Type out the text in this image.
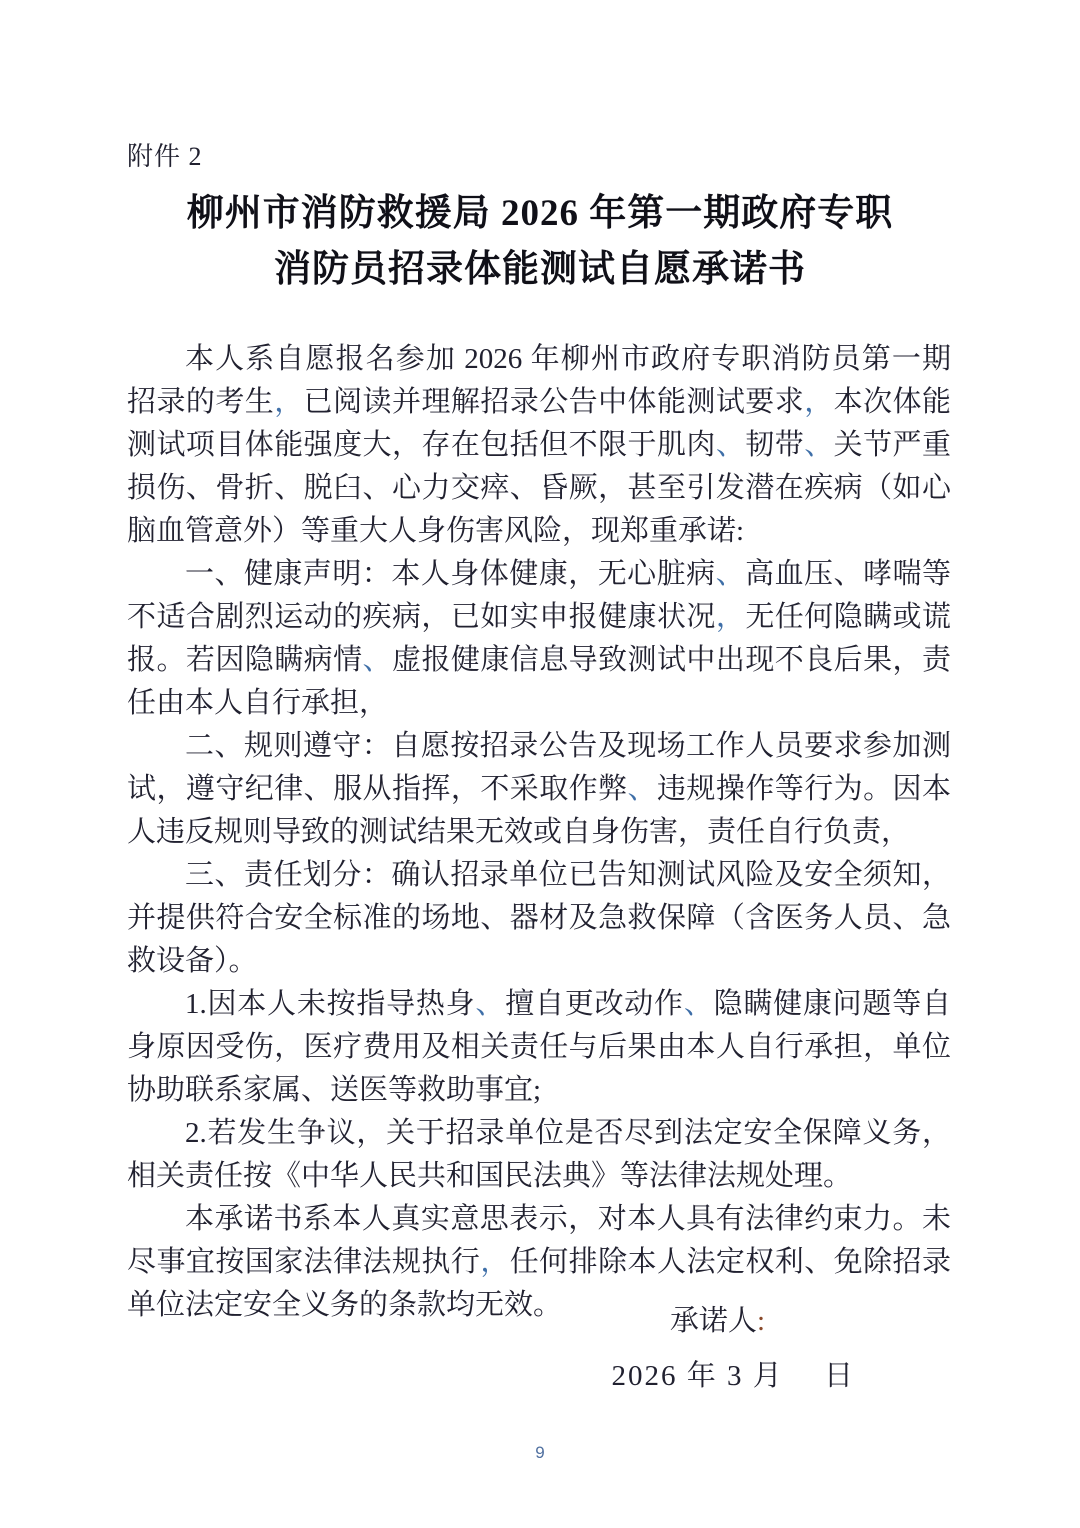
附件 2
柳州市消防救援局 2026 年第一期政府专职
消防员招录体能测试自愿承诺书

本人系自愿报名参加 2026 年柳州市政府专职消防员第一期招录的考生，已阅读并理解招录公告中体能测试要求，本次体能测试项目体能强度大，存在包括但不限于肌肉、韧带、关节严重损伤、骨折、脱臼、心力交瘁、昏厥，甚至引发潜在疾病（如心脑血管意外）等重大人身伤害风险，现郑重承诺:

一、健康声明：本人身体健康，无心脏病、高血压、哮喘等不适合剧烈运动的疾病，已如实申报健康状况，无任何隐瞒或谎报。若因隐瞒病情、虚报健康信息导致测试中出现不良后果，责任由本人自行承担，

二、规则遵守：自愿按招录公告及现场工作人员要求参加测试，遵守纪律、服从指挥，不采取作弊、违规操作等行为。因本人违反规则导致的测试结果无效或自身伤害，责任自行负责，

三、责任划分：确认招录单位已告知测试风险及安全须知，并提供符合安全标准的场地、器材及急救保障（含医务人员、急救设备）。

1.因本人未按指导热身、擅自更改动作、隐瞒健康问题等自身原因受伤，医疗费用及相关责任与后果由本人自行承担，单位协助联系家属、送医等救助事宜;

2.若发生争议，关于招录单位是否尽到法定安全保障义务，相关责任按《中华人民共和国民法典》等法律法规处理。

本承诺书系本人真实意思表示，对本人具有法律约束力。未尽事宜按国家法律法规执行，任何排除本人法定权利、免除招录单位法定安全义务的条款均无效。	承诺人:
2026 年 3 月　 日
9
